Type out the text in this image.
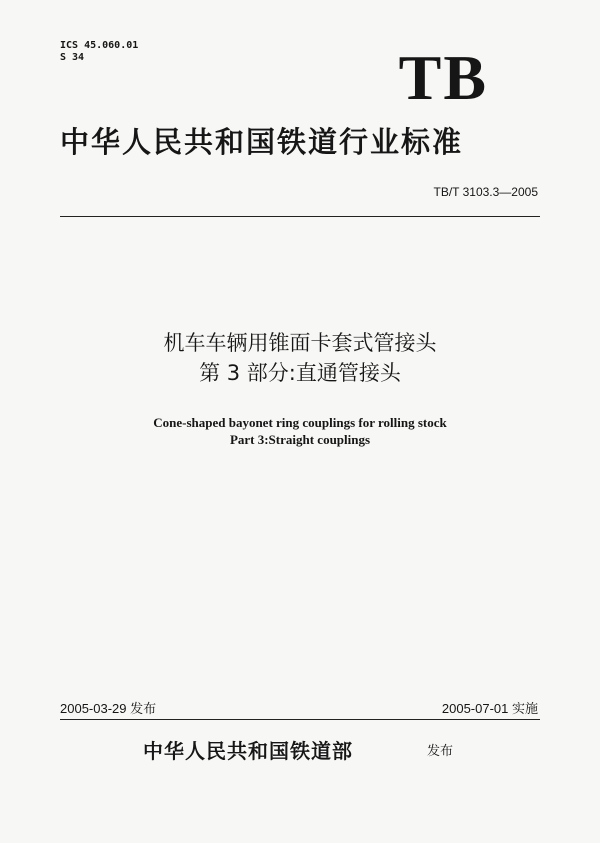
ICS 45.060.01
S 34	TB
中华人民共和国铁道行业标准
TB/T 3103.3—2005
机车车辆用锥面卡套式管接头
第 3 部分:直通管接头
Cone-shaped bayonet ring couplings for rolling stock
Part 3:Straight couplings
2005-03-29 发布	2005-07-01 实施
中华人民共和国铁道部	发布
